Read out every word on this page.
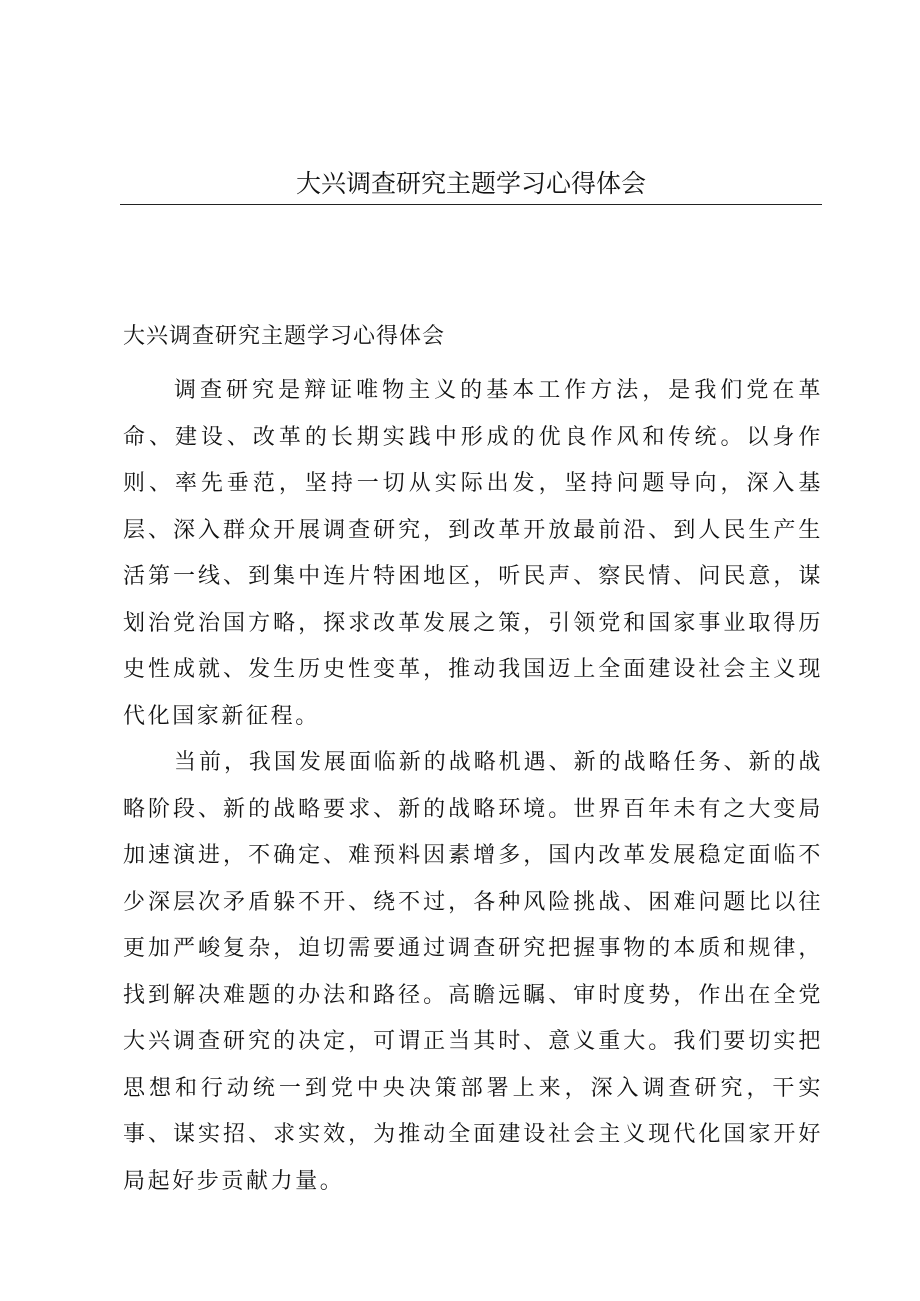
大兴调查研究主题学习心得体会
大兴调查研究主题学习心得体会

调查研究是辩证唯物主义的基本工作方法，是我们党在革命、建设、改革的长期实践中形成的优良作风和传统。以身作则、率先垂范，坚持一切从实际出发，坚持问题导向，深入基层、深入群众开展调查研究，到改革开放最前沿、到人民生产生活第一线、到集中连片特困地区，听民声、察民情、问民意，谋划治党治国方略，探求改革发展之策，引领党和国家事业取得历史性成就、发生历史性变革，推动我国迈上全面建设社会主义现代化国家新征程。

当前，我国发展面临新的战略机遇、新的战略任务、新的战略阶段、新的战略要求、新的战略环境。世界百年未有之大变局加速演进，不确定、难预料因素增多，国内改革发展稳定面临不少深层次矛盾躲不开、绕不过，各种风险挑战、困难问题比以往更加严峻复杂，迫切需要通过调查研究把握事物的本质和规律，找到解决难题的办法和路径。高瞻远瞩、审时度势，作出在全党大兴调查研究的决定，可谓正当其时、意义重大。我们要切实把思想和行动统一到党中央决策部署上来，深入调查研究，干实事、谋实招、求实效，为推动全面建设社会主义现代化国家开好局起好步贡献力量。
